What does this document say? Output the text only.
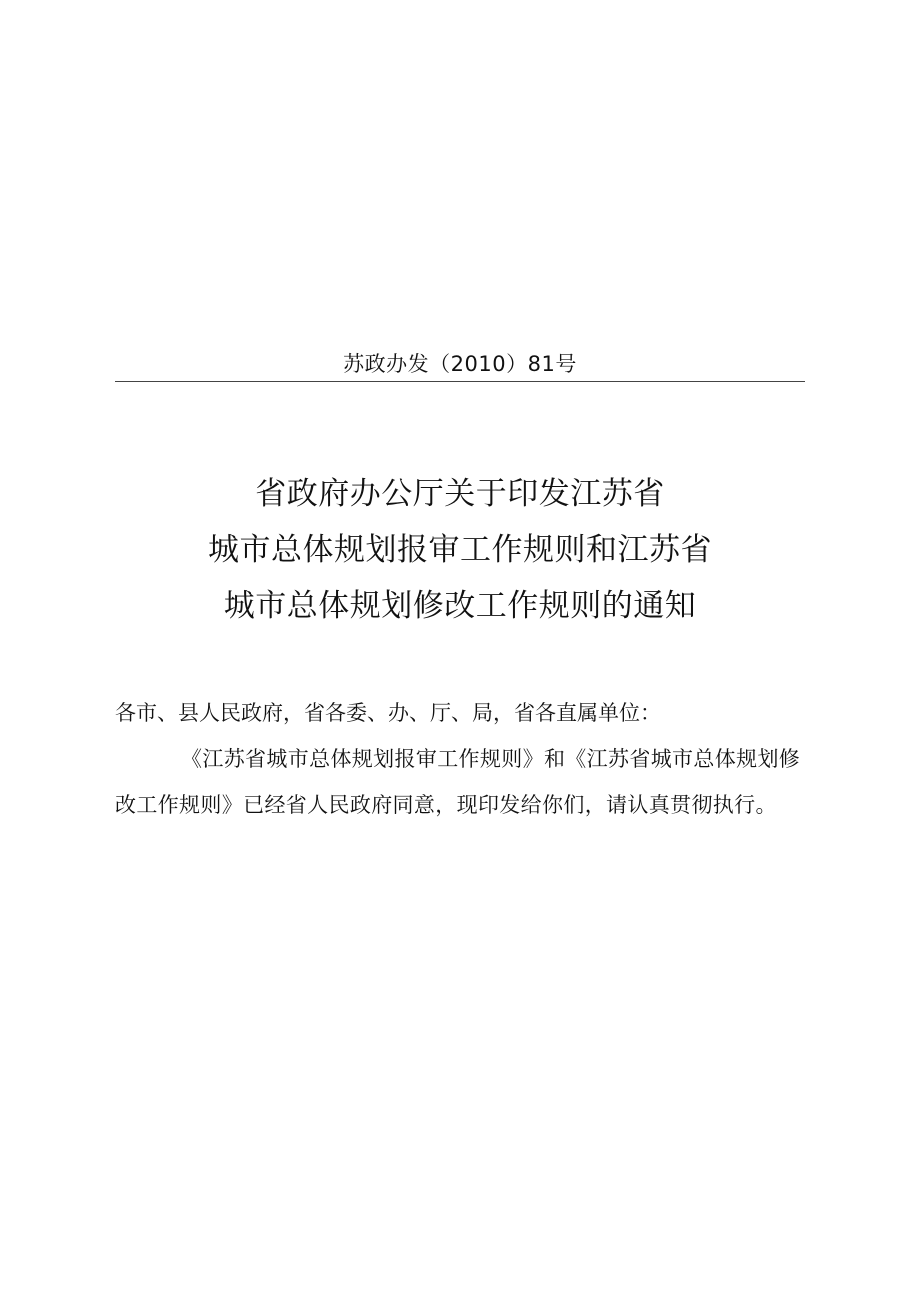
苏政办发（2010）81号
省政府办公厅关于印发江苏省
城市总体规划报审工作规则和江苏省
城市总体规划修改工作规则的通知
各市、县人民政府，省各委、办、厅、局，省各直属单位：
《江苏省城市总体规划报审工作规则》和《江苏省城市总体规划修改工作规则》已经省人民政府同意，现印发给你们，请认真贯彻执行。
